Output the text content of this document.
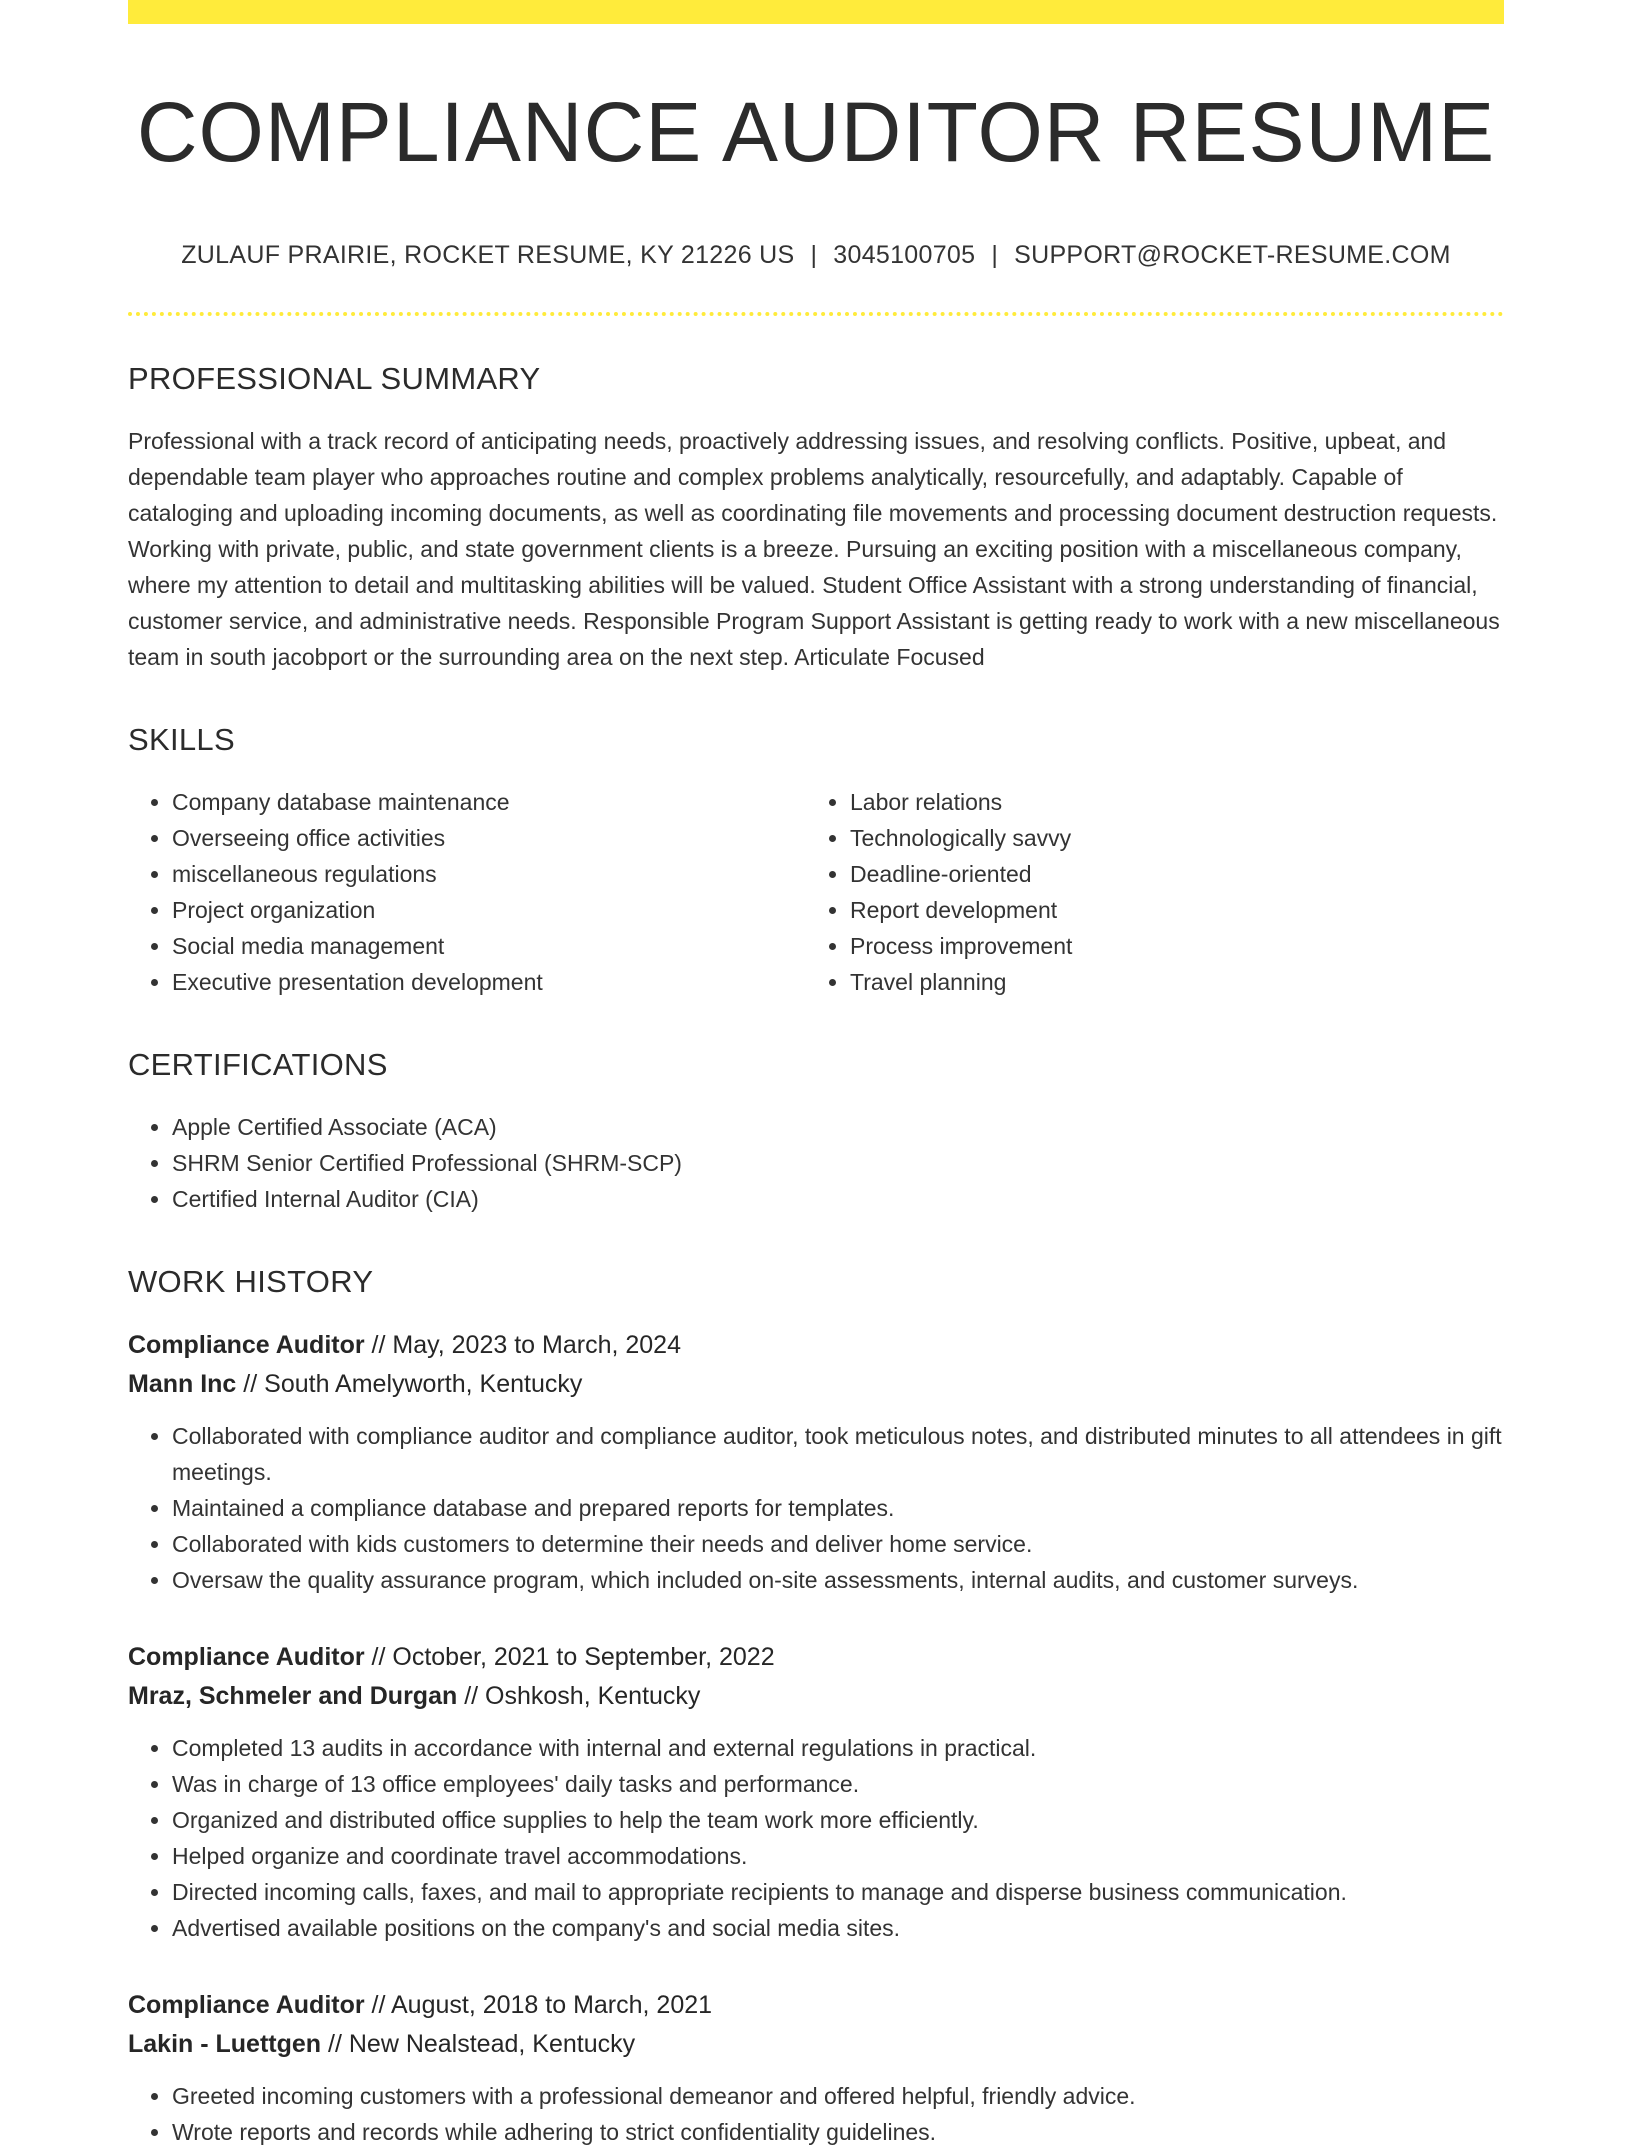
COMPLIANCE AUDITOR RESUME
ZULAUF PRAIRIE, ROCKET RESUME, KY 21226 US | 3045100705 | SUPPORT@ROCKET-RESUME.COM
PROFESSIONAL SUMMARY

Professional with a track record of anticipating needs, proactively addressing issues, and resolving conflicts. Positive, upbeat, and dependable team player who approaches routine and complex problems analytically, resourcefully, and adaptably. Capable of cataloging and uploading incoming documents, as well as coordinating file movements and processing document destruction requests. Working with private, public, and state government clients is a breeze. Pursuing an exciting position with a miscellaneous company, where my attention to detail and multitasking abilities will be valued. Student Office Assistant with a strong understanding of financial, customer service, and administrative needs. Responsible Program Support Assistant is getting ready to work with a new miscellaneous team in south jacobport or the surrounding area on the next step. Articulate Focused

SKILLS
• Company database maintenance
• Overseeing office activities
• miscellaneous regulations
• Project organization
• Social media management
• Executive presentation development
• Labor relations
• Technologically savvy
• Deadline-oriented
• Report development
• Process improvement
• Travel planning
CERTIFICATIONS
• Apple Certified Associate (ACA)
• SHRM Senior Certified Professional (SHRM-SCP)
• Certified Internal Auditor (CIA)
WORK HISTORY
Compliance Auditor // May, 2023 to March, 2024
Mann Inc // South Amelyworth, Kentucky
• Collaborated with compliance auditor and compliance auditor, took meticulous notes, and distributed minutes to all attendees in gift meetings.
• Maintained a compliance database and prepared reports for templates.
• Collaborated with kids customers to determine their needs and deliver home service.
• Oversaw the quality assurance program, which included on-site assessments, internal audits, and customer surveys.
Compliance Auditor // October, 2021 to September, 2022
Mraz, Schmeler and Durgan // Oshkosh, Kentucky
• Completed 13 audits in accordance with internal and external regulations in practical.
• Was in charge of 13 office employees' daily tasks and performance.
• Organized and distributed office supplies to help the team work more efficiently.
• Helped organize and coordinate travel accommodations.
• Directed incoming calls, faxes, and mail to appropriate recipients to manage and disperse business communication.
• Advertised available positions on the company's and social media sites.
Compliance Auditor // August, 2018 to March, 2021
Lakin - Luettgen // New Nealstead, Kentucky
• Greeted incoming customers with a professional demeanor and offered helpful, friendly advice.
• Wrote reports and records while adhering to strict confidentiality guidelines.
